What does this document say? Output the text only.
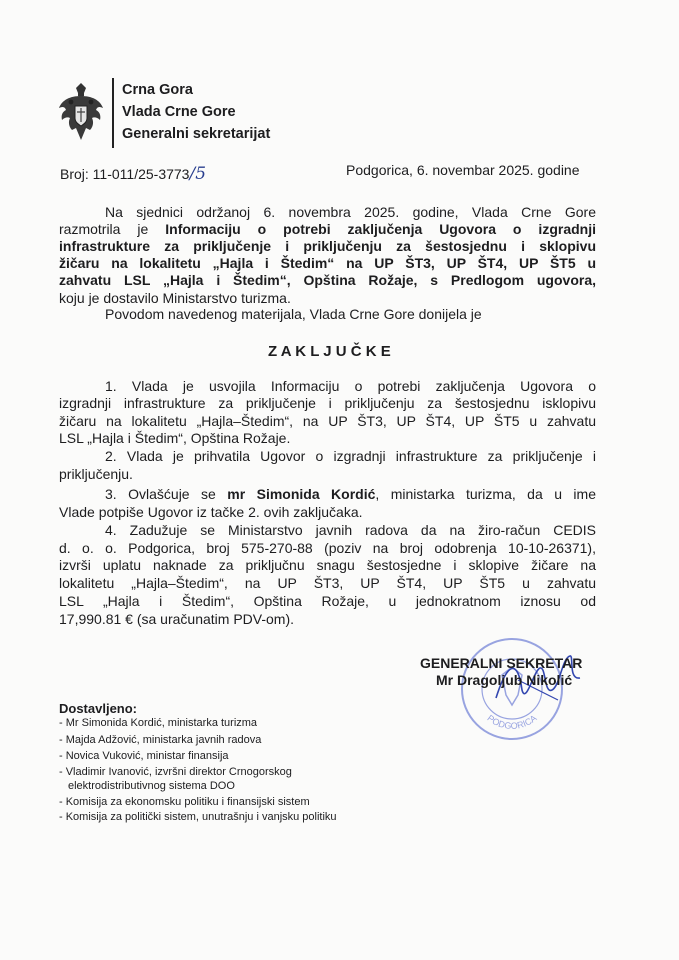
Crna Gora
Vlada Crne Gore
Generalni sekretarijat
Broj: 11-011/25-3773/5	Podgorica, 6. novembar 2025. godine
Na sjednici održanoj 6. novembra 2025. godine, Vlada Crne Gore
razmotrila je Informaciju o potrebi zaključenja Ugovora o izgradnji
infrastrukture za priključenje i priključenju za šestosjednu i sklopivu
žičaru na lokalitetu „Hajla i Štedim“ na UP ŠT3, UP ŠT4, UP ŠT5 u
zahvatu LSL „Hajla i Štedim“, Opština Rožaje, s Predlogom ugovora,
koju je dostavilo Ministarstvo turizma.
Povodom navedenog materijala, Vlada Crne Gore donijela je
Z A K L J U Č K E
1. Vlada je usvojila Informaciju o potrebi zaključenja Ugovora o
izgradnji infrastrukture za priključenje i priključenju za šestosjednu isklopivu
žičaru na lokalitetu „Hajla–Štedim“, na UP ŠT3, UP ŠT4, UP ŠT5 u zahvatu
LSL „Hajla i Štedim“, Opština Rožaje.
2. Vlada je prihvatila Ugovor o izgradnji infrastrukture za priključenje i
priključenju.
3. Ovlašćuje se mr Simonida Kordić, ministarka turizma, da u ime
Vlade potpiše Ugovor iz tačke 2. ovih zaključaka.
4. Zadužuje se Ministarstvo javnih radova da na žiro-račun CEDIS
d. o. o. Podgorica, broj 575-270-88 (poziv na broj odobrenja 10-10-26371),
izvrši uplatu naknade za priključnu snagu šestosjedne i sklopive žičare na
lokalitetu „Hajla–Štedim“, na UP ŠT3, UP ŠT4, UP ŠT5 u zahvatu
LSL „Hajla i Štedim“, Opština Rožaje, u jednokratnom iznosu od
17,990.81 € (sa uračunatim PDV-om).
PODGORICA
GENERALNI SEKRETAR
Mr Dragoljub Nikolić
Dostavljeno:
- Mr Simonida Kordić, ministarka turizma
- Majda Adžović, ministarka javnih radova
- Novica Vuković, ministar finansija
- Vladimir Ivanović, izvršni direktor Crnogorskog
elektrodistributivnog sistema DOO
- Komisija za ekonomsku politiku i finansijski sistem
- Komisija za politički sistem, unutrašnju i vanjsku politiku
